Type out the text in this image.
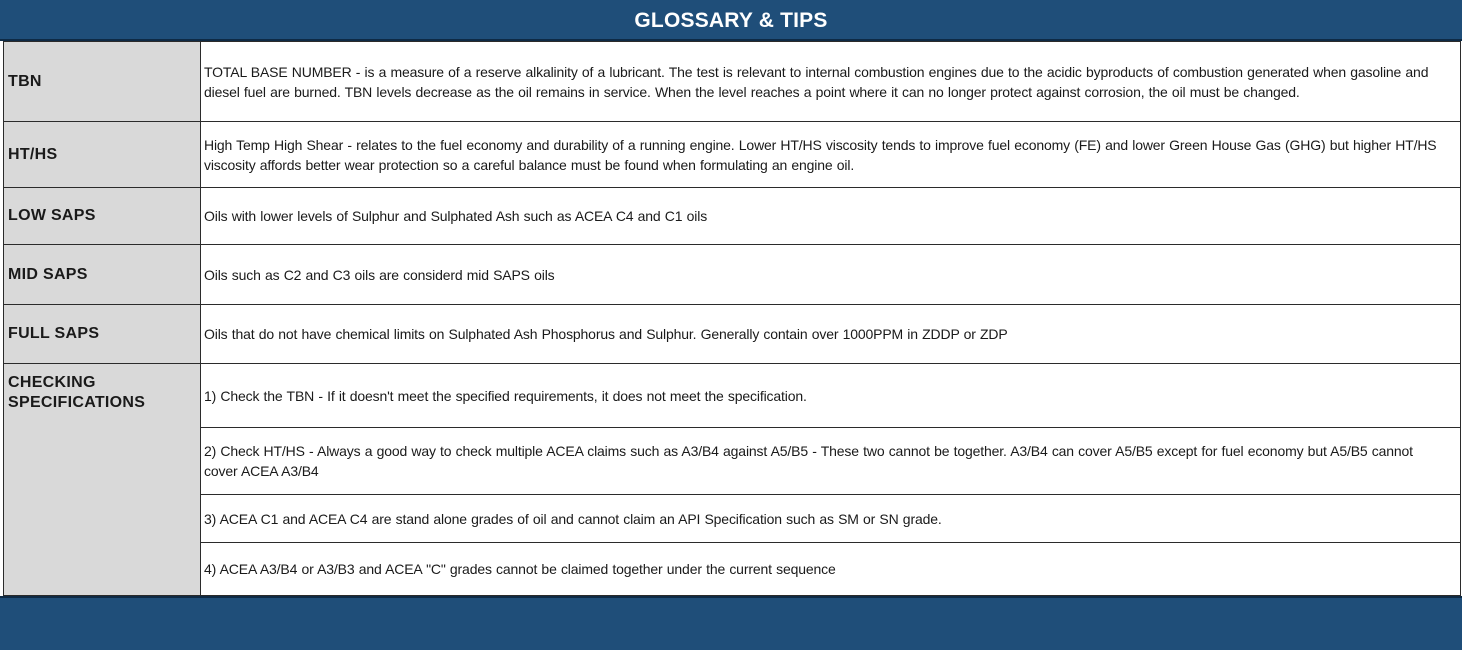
GLOSSARY & TIPS
TBN	TOTAL BASE NUMBER - is a measure of a reserve alkalinity of a lubricant. The test is relevant to internal combustion engines due to the acidic byproducts of combustion generated when gasoline and diesel fuel are burned. TBN levels decrease as the oil remains in service. When the level reaches a point where it can no longer protect against corrosion, the oil must be changed.
HT/HS	High Temp High Shear - relates to the fuel economy and durability of a running engine. Lower HT/HS viscosity tends to improve fuel economy (FE) and lower Green House Gas (GHG) but higher HT/HS viscosity affords better wear protection so a careful balance must be found when formulating an engine oil.
LOW SAPS	Oils with lower levels of Sulphur and Sulphated Ash such as ACEA C4 and C1 oils
MID SAPS	Oils such as C2 and C3 oils are considerd mid SAPS oils
FULL SAPS	Oils that do not have chemical limits on Sulphated Ash Phosphorus and Sulphur. Generally contain over 1000PPM in ZDDP or ZDP
CHECKING SPECIFICATIONS	1) Check the TBN - If it doesn't meet the specified requirements, it does not meet the specification.
	2) Check HT/HS - Always a good way to check multiple ACEA claims such as A3/B4 against A5/B5 - These two cannot be together. A3/B4 can cover A5/B5 except for fuel economy but A5/B5 cannot cover ACEA A3/B4
	3) ACEA C1 and ACEA C4 are stand alone grades of oil and cannot claim an API Specification such as SM or SN grade.
	4) ACEA A3/B4 or A3/B3 and ACEA "C" grades cannot be claimed together under the current sequence
